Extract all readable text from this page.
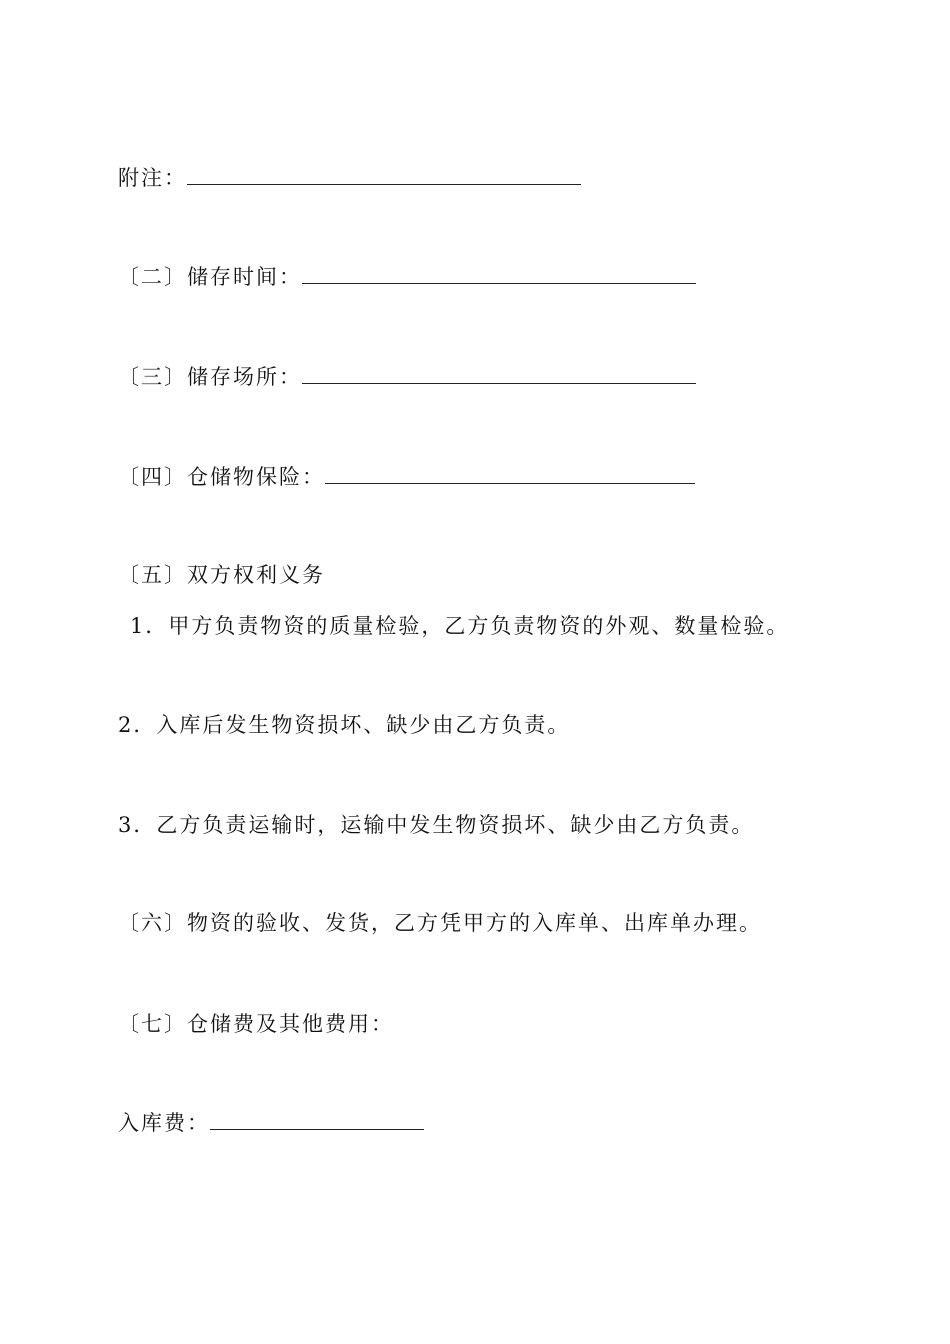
附注：
〔二〕储存时间：
〔三〕储存场所：
〔四〕仓储物保险：
〔五〕双方权利义务
1．甲方负责物资的质量检验，乙方负责物资的外观、数量检验。
2．入库后发生物资损坏、缺少由乙方负责。
3．乙方负责运输时，运输中发生物资损坏、缺少由乙方负责。
〔六〕物资的验收、发货，乙方凭甲方的入库单、出库单办理。
〔七〕仓储费及其他费用：
入库费：
